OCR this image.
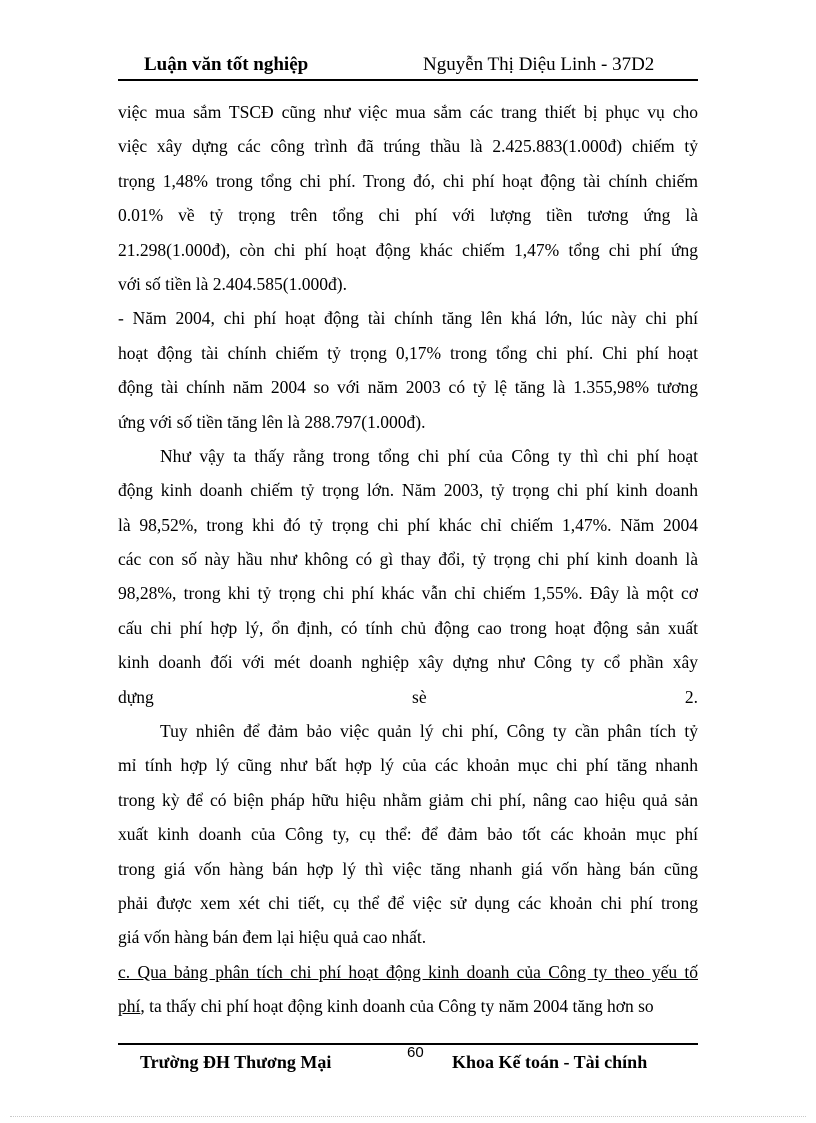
Luận văn tốt nghiệp	Nguyễn Thị Diệu Linh - 37D2
việc mua sắm TSCĐ cũng như việc mua sắm các trang thiết bị phục vụ cho
việc xây dựng các công trình đã trúng thầu là 2.425.883(1.000đ) chiếm tỷ
trọng 1,48% trong tổng chi phí. Trong đó, chi phí hoạt động tài chính chiếm
0.01% về tỷ trọng trên tổng chi phí với lượng tiền tương ứng là
21.298(1.000đ), còn chi phí hoạt động khác chiếm 1,47% tổng chi phí ứng
với số tiền là 2.404.585(1.000đ).
- Năm 2004, chi phí hoạt động tài chính tăng lên khá lớn, lúc này chi phí
hoạt động tài chính chiếm tỷ trọng 0,17% trong tổng chi phí. Chi phí hoạt
động tài chính năm 2004 so với năm 2003 có tỷ lệ tăng là 1.355,98% tương
ứng với số tiền tăng lên là 288.797(1.000đ).
Như vậy ta thấy rằng trong tổng chi phí của Công ty thì chi phí hoạt
động kinh doanh chiếm tỷ trọng lớn. Năm 2003, tỷ trọng chi phí kinh doanh
là 98,52%, trong khi đó tỷ trọng chi phí khác chỉ chiếm 1,47%. Năm 2004
các con số này hầu như không có gì thay đổi, tỷ trọng chi phí kinh doanh là
98,28%, trong khi tỷ trọng chi phí khác vẫn chỉ chiếm 1,55%. Đây là một cơ
cấu chi phí hợp lý, ổn định, có tính chủ động cao trong hoạt động sản xuất
kinh doanh đối với mét doanh nghiệp xây dựng như Công ty cổ phần xây
dựng sè 2.
Tuy nhiên để đảm bảo việc quản lý chi phí, Công ty cần phân tích tỷ
mỉ tính hợp lý cũng như bất hợp lý của các khoản mục chi phí tăng nhanh
trong kỳ để có biện pháp hữu hiệu nhằm giảm chi phí, nâng cao hiệu quả sản
xuất kinh doanh của Công ty, cụ thể: để đảm bảo tốt các khoản mục phí
trong giá vốn hàng bán hợp lý thì việc tăng nhanh giá vốn hàng bán cũng
phải được xem xét chi tiết, cụ thể để việc sử dụng các khoản chi phí trong
giá vốn hàng bán đem lại hiệu quả cao nhất.
c. Qua bảng phân tích chi phí hoạt động kinh doanh của Công ty theo yếu tố
phí, ta thấy chi phí hoạt động kinh doanh của Công ty năm 2004 tăng hơn so
Trường ĐH Thương Mại	60 Khoa Kế toán - Tài chính
